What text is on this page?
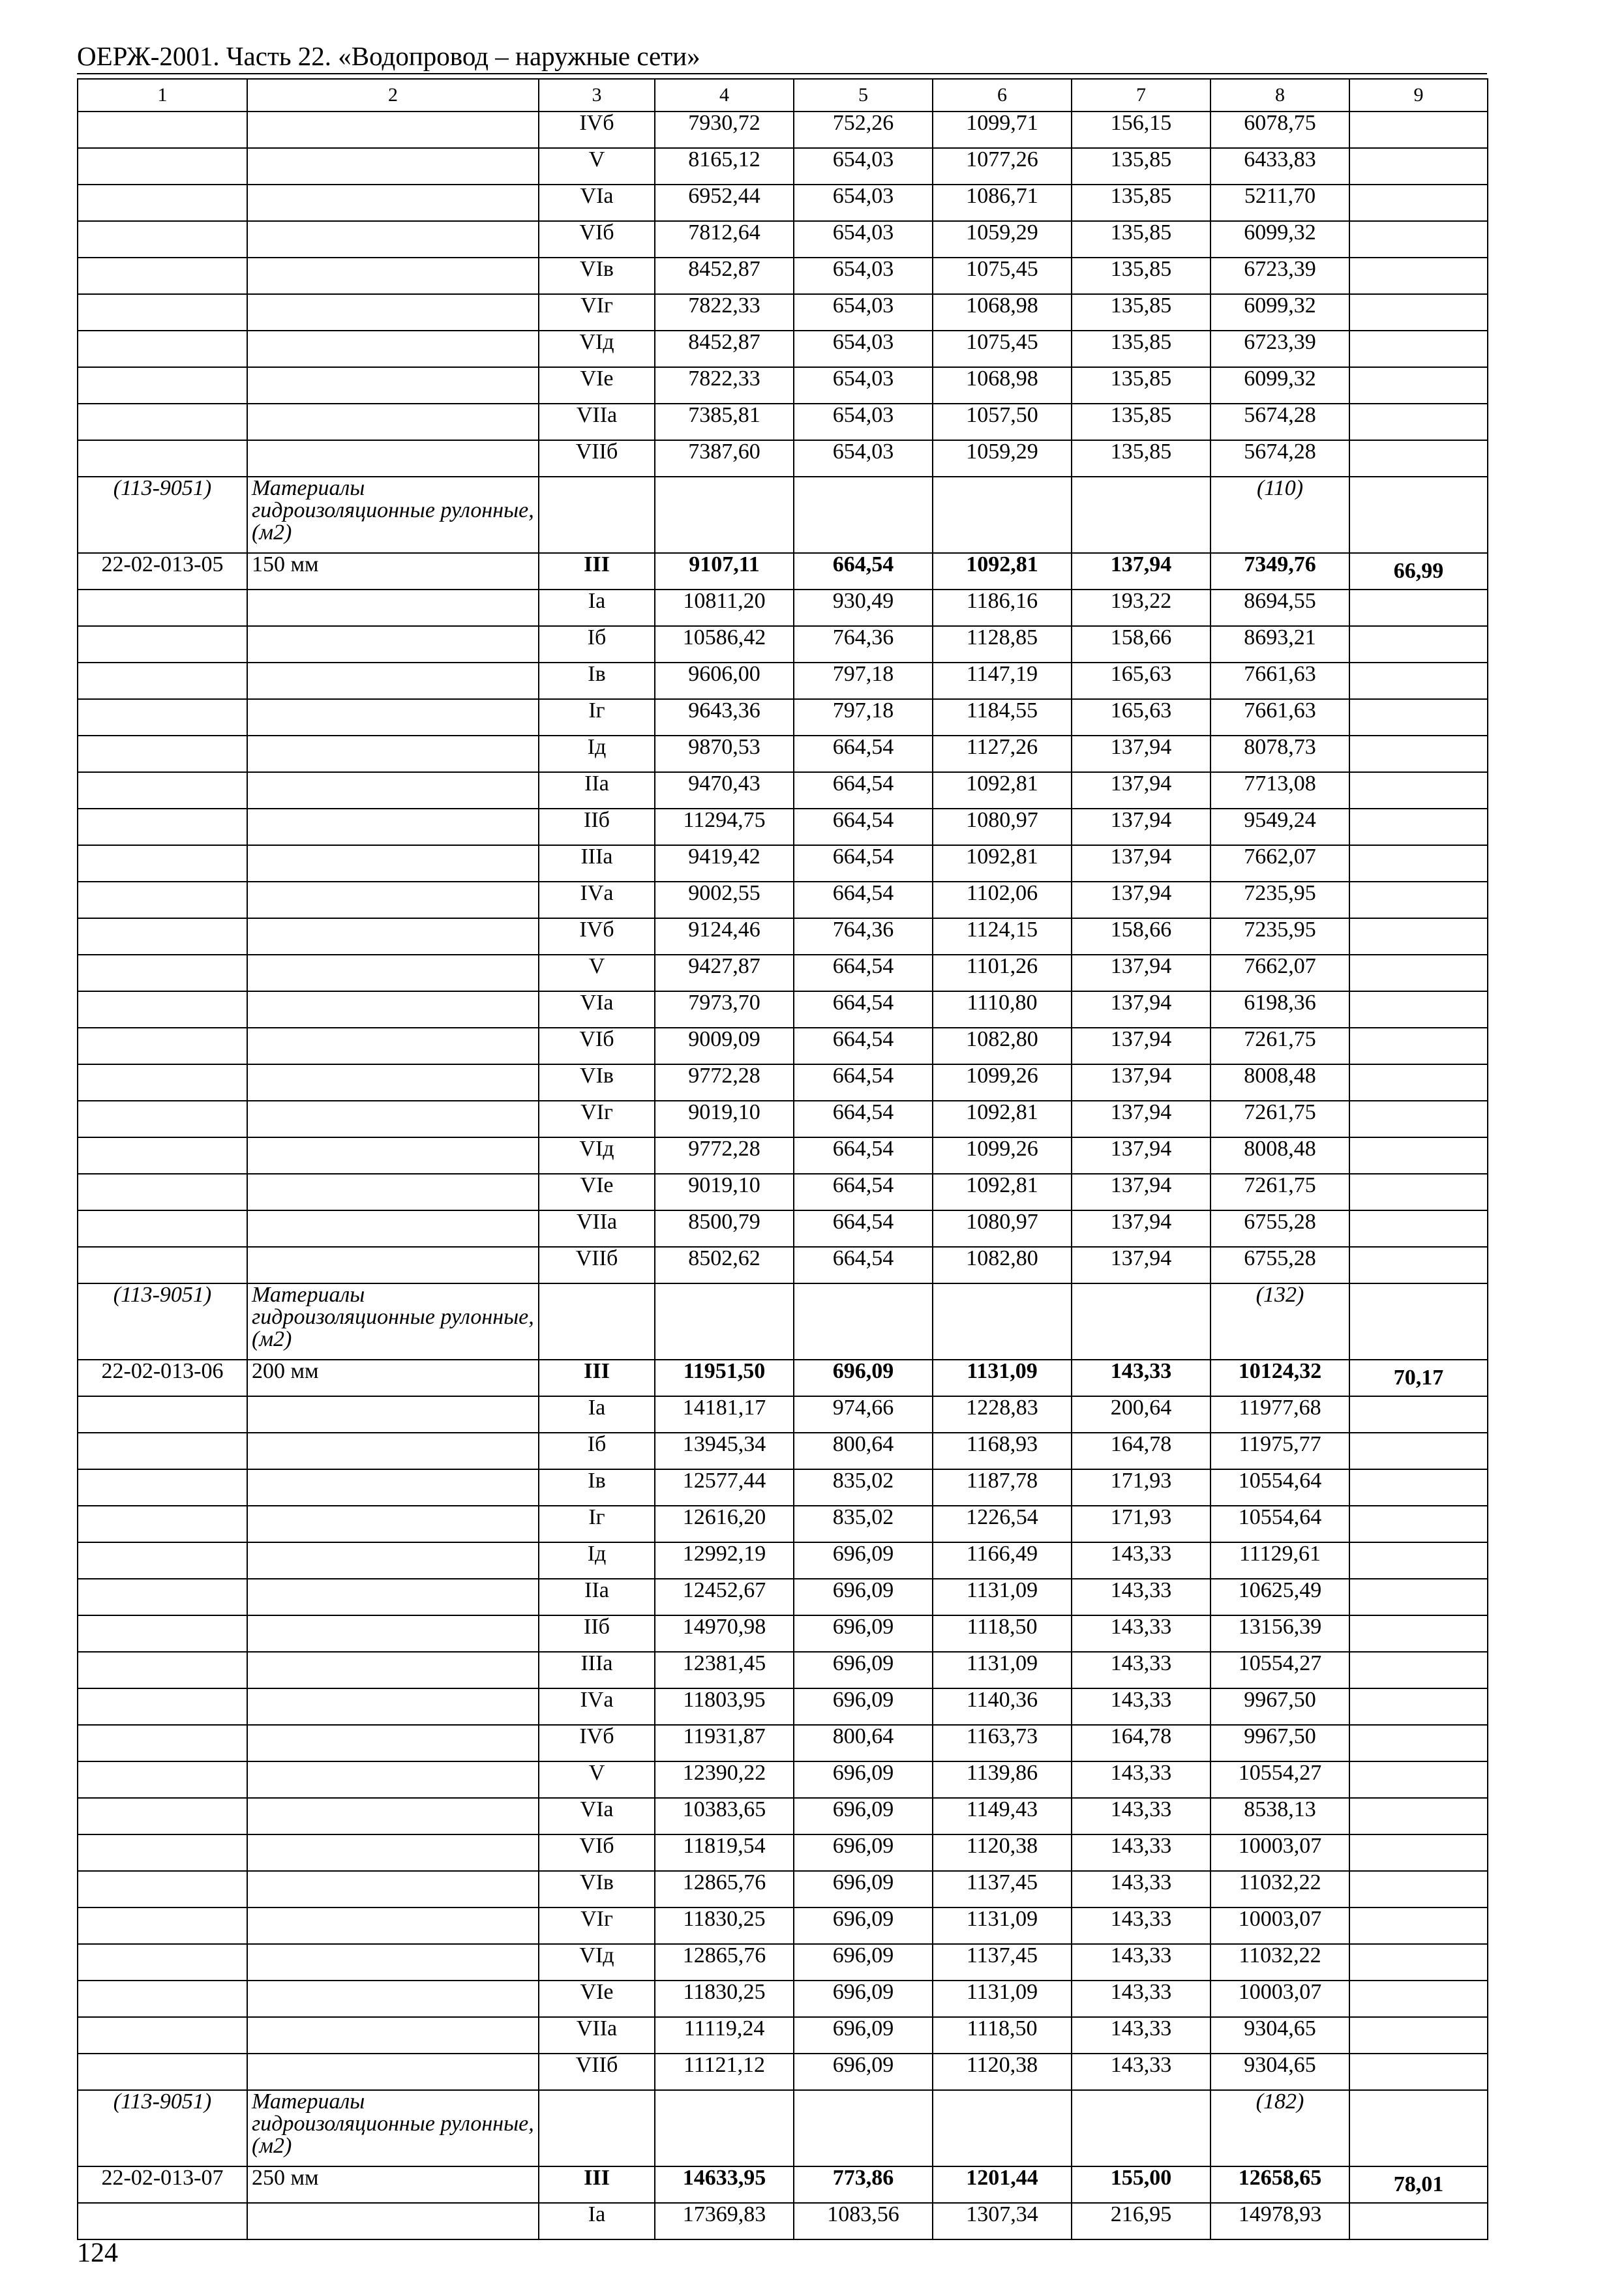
ОЕРЖ-2001. Часть 22. «Водопровод – наружные сети»
1	2	3	4	5	6	7	8	9
		IVб	7930,72	752,26	1099,71	156,15	6078,75	
		V	8165,12	654,03	1077,26	135,85	6433,83	
		VIа	6952,44	654,03	1086,71	135,85	5211,70	
		VIб	7812,64	654,03	1059,29	135,85	6099,32	
		VIв	8452,87	654,03	1075,45	135,85	6723,39	
		VIг	7822,33	654,03	1068,98	135,85	6099,32	
		VIд	8452,87	654,03	1075,45	135,85	6723,39	
		VIе	7822,33	654,03	1068,98	135,85	6099,32	
		VIIа	7385,81	654,03	1057,50	135,85	5674,28	
		VIIб	7387,60	654,03	1059,29	135,85	5674,28	
(113-9051)	Материалы гидроизоляционные рулонные, (м2)						(110)	
22-02-013-05	150 мм	III	9107,11	664,54	1092,81	137,94	7349,76	66,99
		Iа	10811,20	930,49	1186,16	193,22	8694,55	
		Iб	10586,42	764,36	1128,85	158,66	8693,21	
		Iв	9606,00	797,18	1147,19	165,63	7661,63	
		Iг	9643,36	797,18	1184,55	165,63	7661,63	
		Iд	9870,53	664,54	1127,26	137,94	8078,73	
		IIа	9470,43	664,54	1092,81	137,94	7713,08	
		IIб	11294,75	664,54	1080,97	137,94	9549,24	
		IIIа	9419,42	664,54	1092,81	137,94	7662,07	
		IVа	9002,55	664,54	1102,06	137,94	7235,95	
		IVб	9124,46	764,36	1124,15	158,66	7235,95	
		V	9427,87	664,54	1101,26	137,94	7662,07	
		VIа	7973,70	664,54	1110,80	137,94	6198,36	
		VIб	9009,09	664,54	1082,80	137,94	7261,75	
		VIв	9772,28	664,54	1099,26	137,94	8008,48	
		VIг	9019,10	664,54	1092,81	137,94	7261,75	
		VIд	9772,28	664,54	1099,26	137,94	8008,48	
		VIе	9019,10	664,54	1092,81	137,94	7261,75	
		VIIа	8500,79	664,54	1080,97	137,94	6755,28	
		VIIб	8502,62	664,54	1082,80	137,94	6755,28	
(113-9051)	Материалы гидроизоляционные рулонные, (м2)						(132)	
22-02-013-06	200 мм	III	11951,50	696,09	1131,09	143,33	10124,32	70,17
		Iа	14181,17	974,66	1228,83	200,64	11977,68	
		Iб	13945,34	800,64	1168,93	164,78	11975,77	
		Iв	12577,44	835,02	1187,78	171,93	10554,64	
		Iг	12616,20	835,02	1226,54	171,93	10554,64	
		Iд	12992,19	696,09	1166,49	143,33	11129,61	
		IIа	12452,67	696,09	1131,09	143,33	10625,49	
		IIб	14970,98	696,09	1118,50	143,33	13156,39	
		IIIа	12381,45	696,09	1131,09	143,33	10554,27	
		IVа	11803,95	696,09	1140,36	143,33	9967,50	
		IVб	11931,87	800,64	1163,73	164,78	9967,50	
		V	12390,22	696,09	1139,86	143,33	10554,27	
		VIа	10383,65	696,09	1149,43	143,33	8538,13	
		VIб	11819,54	696,09	1120,38	143,33	10003,07	
		VIв	12865,76	696,09	1137,45	143,33	11032,22	
		VIг	11830,25	696,09	1131,09	143,33	10003,07	
		VIд	12865,76	696,09	1137,45	143,33	11032,22	
		VIе	11830,25	696,09	1131,09	143,33	10003,07	
		VIIа	11119,24	696,09	1118,50	143,33	9304,65	
		VIIб	11121,12	696,09	1120,38	143,33	9304,65	
(113-9051)	Материалы гидроизоляционные рулонные, (м2)						(182)	
22-02-013-07	250 мм	III	14633,95	773,86	1201,44	155,00	12658,65	78,01
		Iа	17369,83	1083,56	1307,34	216,95	14978,93	
124
